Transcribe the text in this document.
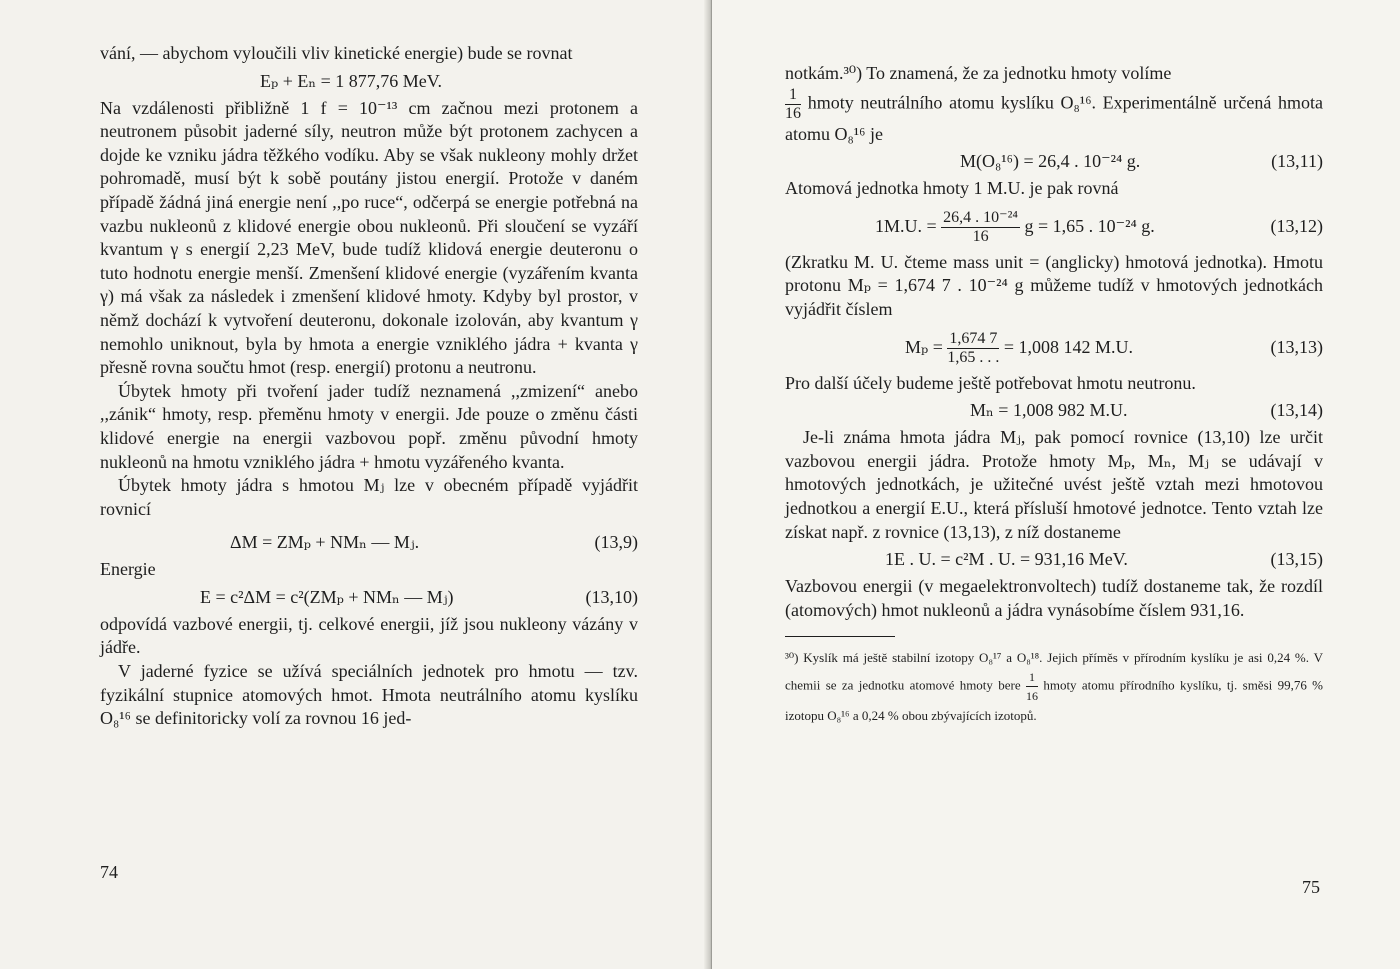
vání, — abychom vyloučili vliv kinetické energie) bude se rovnat

Eₚ + Eₙ = 1 877,76 MeV.

Na vzdálenosti přibližně 1 f = 10⁻¹³ cm začnou mezi protonem a neutronem působit jaderné síly, neutron může být protonem zachycen a dojde ke vzniku jádra těžkého vodíku. Aby se však nukleony mohly držet pohromadě, musí být k sobě poutány jistou energií. Protože v daném případě žádná jiná energie není ,,po ruce“, odčerpá se energie potřebná na vazbu nukleonů z klidové energie obou nukleonů. Při sloučení se vyzáří kvantum γ s energií 2,23 MeV, bude tudíž klidová energie deuteronu o tuto hodnotu energie menší. Zmenšení klidové energie (vyzářením kvanta γ) má však za následek i zmenšení klidové hmoty. Kdyby byl prostor, v němž dochází k vytvoření deuteronu, dokonale izolován, aby kvantum γ nemohlo uniknout, byla by hmota a energie vzniklého jádra + kvanta γ přesně rovna součtu hmot (resp. energií) protonu a neutronu.

Úbytek hmoty při tvoření jader tudíž neznamená ,,zmizení“ anebo ,,zánik“ hmoty, resp. přeměnu hmoty v energii. Jde pouze o změnu části klidové energie na energii vazbovou popř. změnu původní hmoty nukleonů na hmotu vzniklého jádra + hmotu vyzářeného kvanta.

Úbytek hmoty jádra s hmotou Mⱼ lze v obecném případě vyjádřit rovnicí

ΔM = ZMₚ + NMₙ — Mⱼ.	(13,9)

Energie

E = c²ΔM = c²(ZMₚ + NMₙ — Mⱼ)	(13,10)

odpovídá vazbové energii, tj. celkové energii, jíž jsou nukleony vázány v jádře.

V jaderné fyzice se užívá speciálních jednotek pro hmotu — tzv. fyzikální stupnice atomových hmot. Hmota neutrálního atomu kyslíku O₈¹⁶ se definitoricky volí za rovnou 16 jed-

74

notkám.³⁰) To znamená, že za jednotku hmoty volíme

$\frac{1}{16}$ hmoty neutrálního atomu kyslíku O₈¹⁶. Experimentálně určená hmota atomu O₈¹⁶ je

M(O₈¹⁶) = 26,4 . 10⁻²⁴ g.	(13,11)

Atomová jednotka hmoty 1 M.U. je pak rovná

1M.U. = $\frac{\text{26,4 . 10⁻²⁴}}{16}$ g = 1,65 . 10⁻²⁴ g.	(13,12)

(Zkratku M. U. čteme mass unit = (anglicky) hmotová jednotka). Hmotu protonu Mₚ = 1,674 7 . 10⁻²⁴ g můžeme tudíž v hmotových jednotkách vyjádřit číslem

$M_p = \frac{1,674 7}{1,65 . . .} = 1,008$ 142 M.U.	(13,13)

Pro další účely budeme ještě potřebovat hmotu neutronu.

Mₙ = 1,008 982 M.U.	(13,14)

Je-li známa hmota jádra Mⱼ, pak pomocí rovnice (13,10) lze určit vazbovou energii jádra. Protože hmoty Mₚ, Mₙ, Mⱼ se udávají v hmotových jednotkách, je užitečné uvést ještě vztah mezi hmotovou jednotkou a energií E.U., která přísluší hmotové jednotce. Tento vztah lze získat např. z rovnice (13,13), z níž dostaneme

1E . U. = c²M . U. = 931,16 MeV.	(13,15)

Vazbovou energii (v megaelektronvoltech) tudíž dostaneme tak, že rozdíl (atomových) hmot nukleonů a jádra vynásobíme číslem 931,16.

³⁰) Kyslík má ještě stabilní izotopy O₈¹⁷ a O₈¹⁸. Jejich příměs v přírodním kyslíku je asi 0,24 %. V chemii se za jednotku atomové hmoty bere $\frac{1}{16}$ hmoty atomu přírodního kyslíku, tj. směsi 99,76 % izotopu O₈¹⁶ a 0,24 % obou zbývajících izotopů.
75
